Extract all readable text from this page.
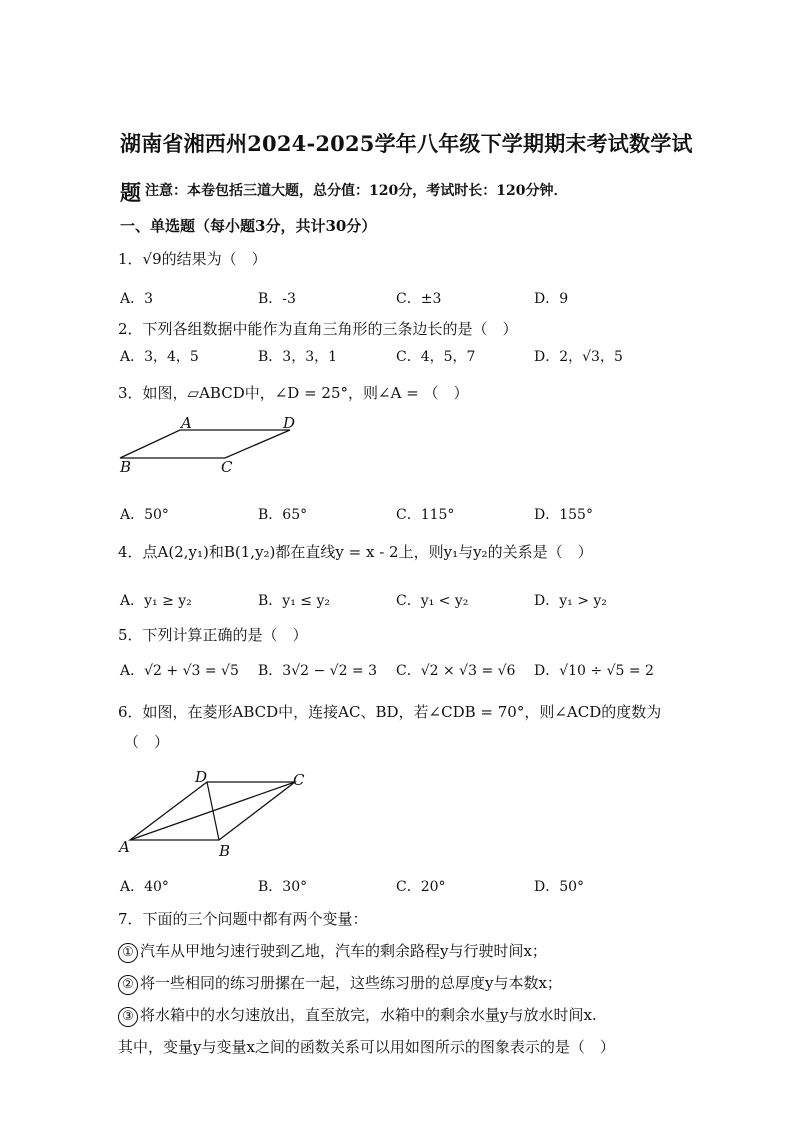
湖南省湘西州2024-2025学年八年级下学期期末考试数学试
题 注意：本卷包括三道大题，总分值：120分，考试时长：120分钟．
一、单选题（每小题3分，共计30分）
1．√9的结果为（　）
A．3	B．-3	C．±3	D．9
2．下列各组数据中能作为直角三角形的三条边长的是（　）
A．3，4，5	B．3，3，1	C．4，5，7	D．2，√3，5
3．如图，▱ABCD中，∠D = 25°，则∠A = （　）
A	D
B	C
A．50°	B．65°	C．115°	D．155°
4．点A(2,y₁)和B(1,y₂)都在直线y = x - 2上，则y₁与y₂的关系是（　）
A．y₁ ≥ y₂	B．y₁ ≤ y₂	C．y₁ < y₂	D．y₁ > y₂
5．下列计算正确的是（　）
A．√2 + √3 = √5 B．3√2 − √2 = 3 C．√2 × √3 = √6 D．√10 ÷ √5 = 2
6．如图，在菱形ABCD中，连接AC、BD，若∠CDB = 70°，则∠ACD的度数为
（　）
D	C
A	B
A．40°	B．30°	C．20°	D．50°
7．下面的三个问题中都有两个变量：
① 汽车从甲地匀速行驶到乙地，汽车的剩余路程y与行驶时间x；
② 将一些相同的练习册摞在一起，这些练习册的总厚度y与本数x；
③ 将水箱中的水匀速放出，直至放完，水箱中的剩余水量y与放水时间x.
其中，变量y与变量x之间的函数关系可以用如图所示的图象表示的是（　）
